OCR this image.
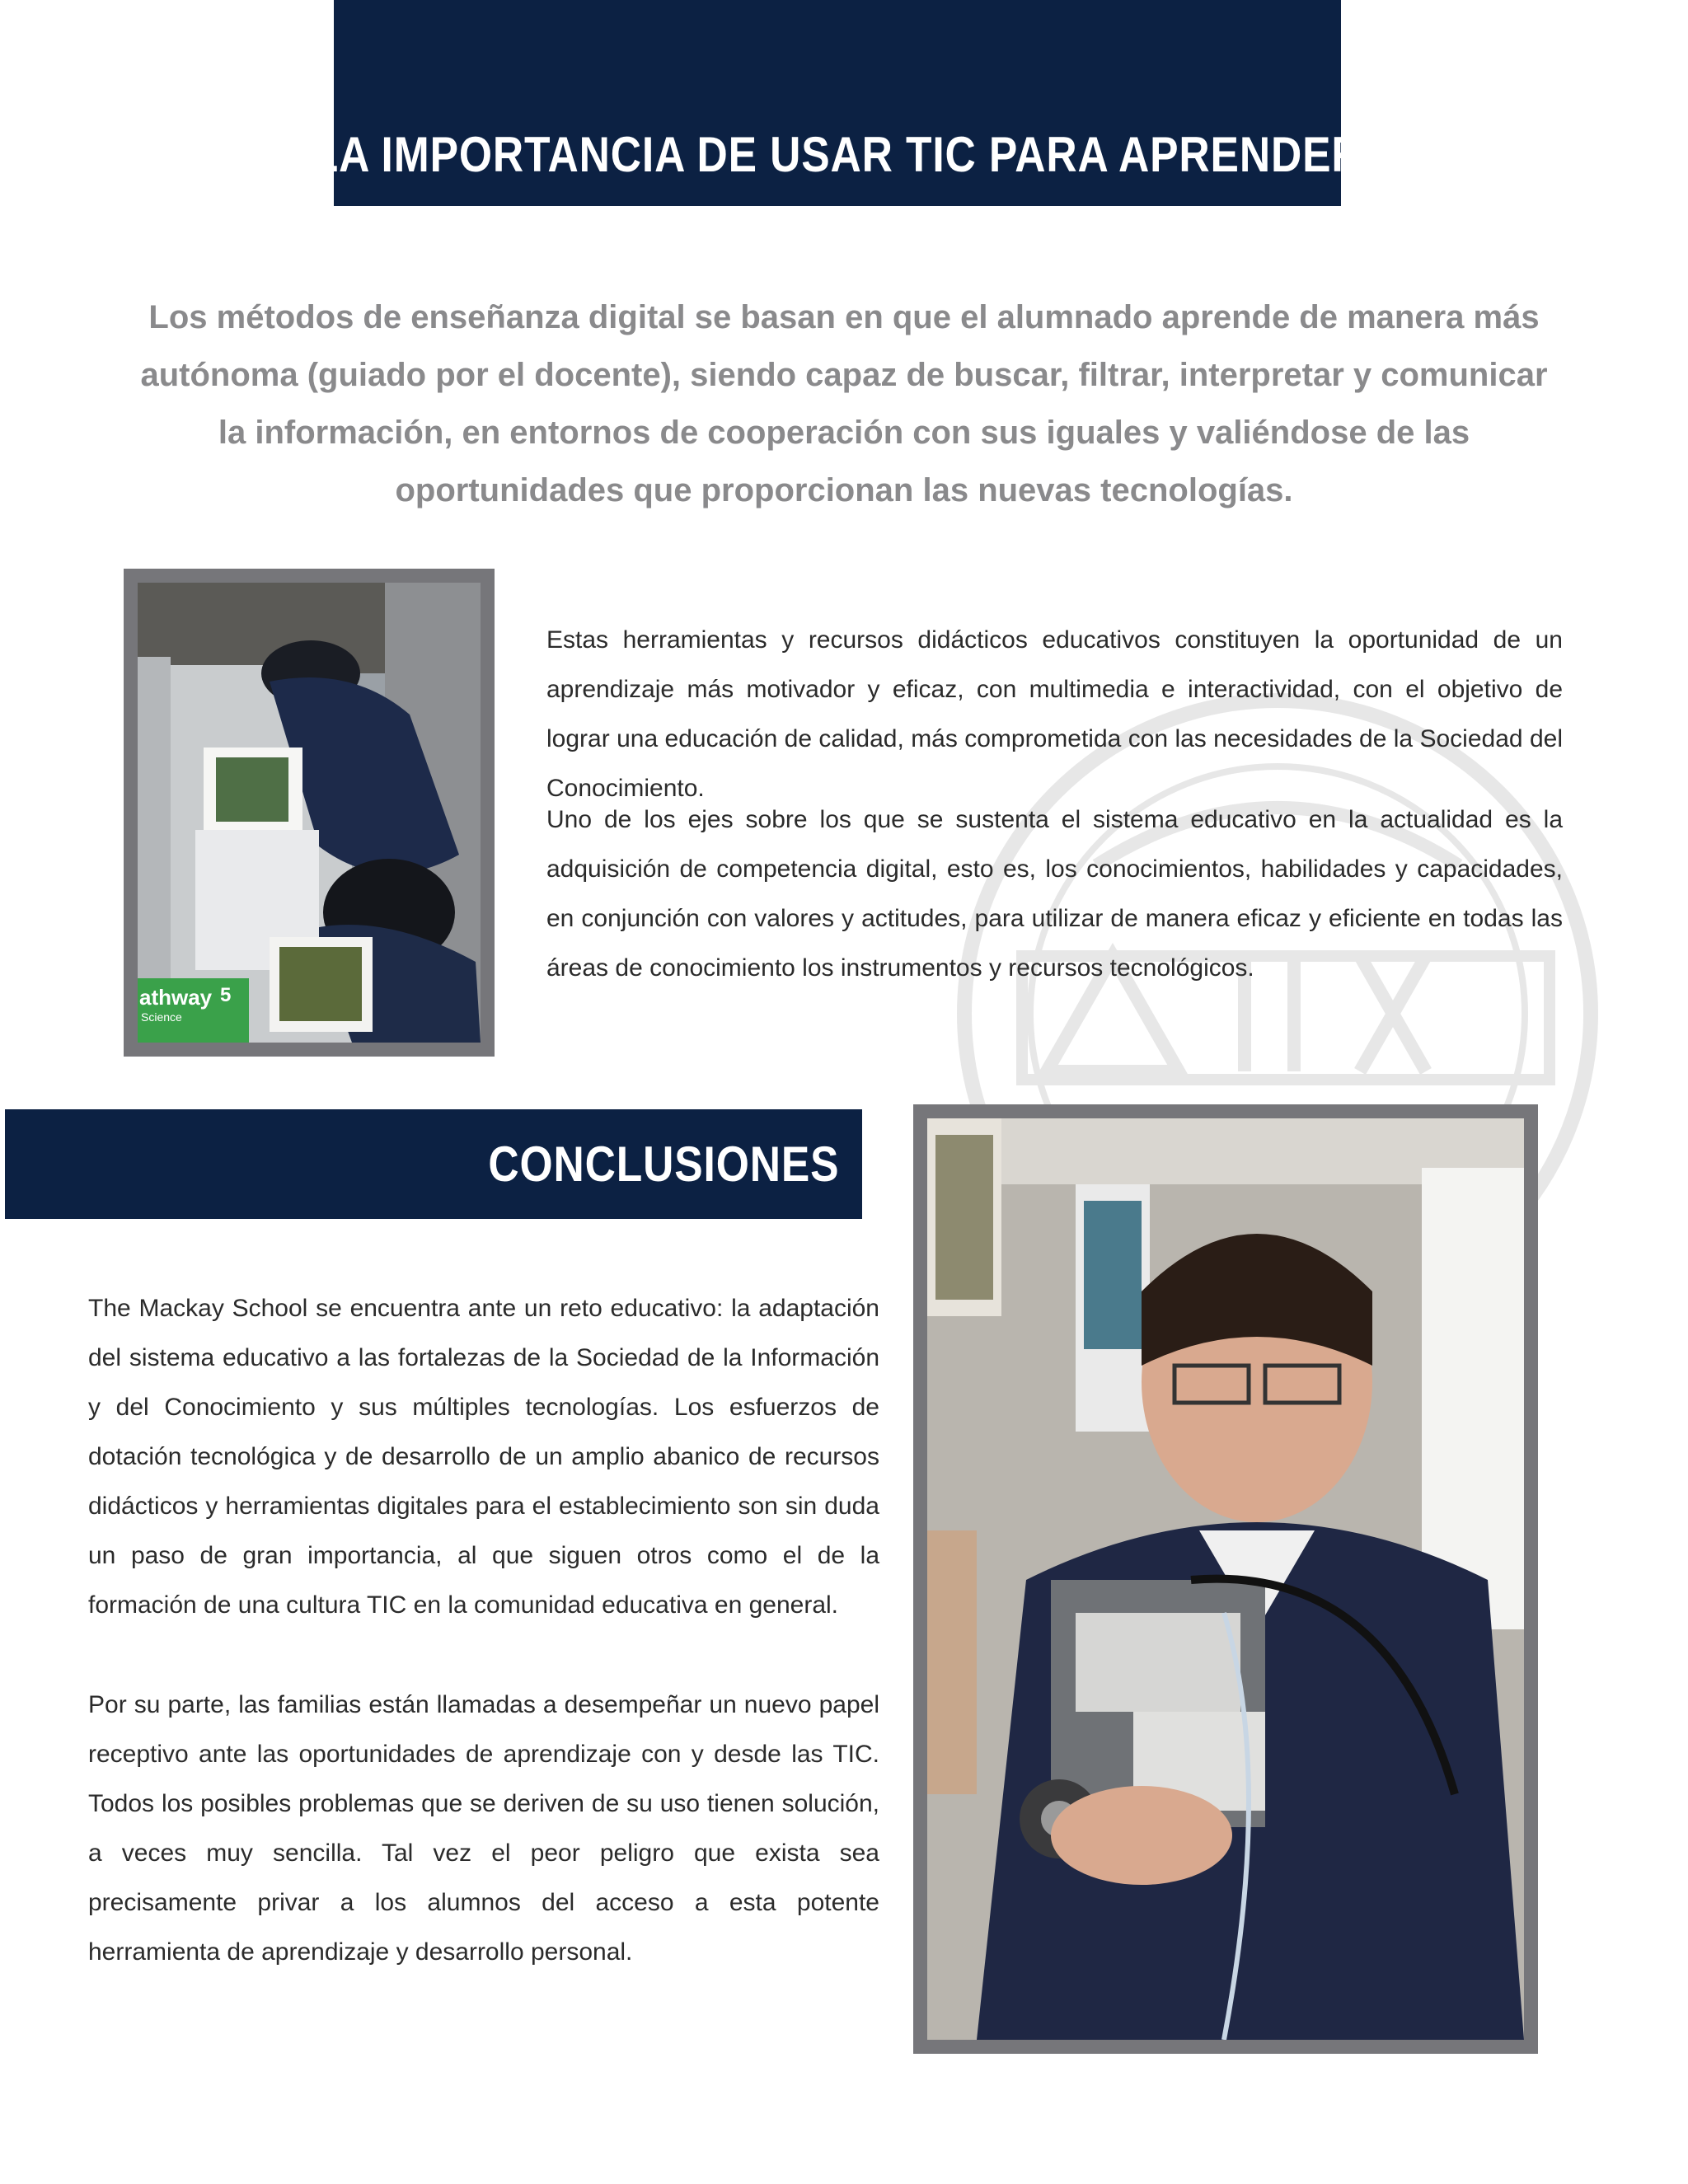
LA IMPORTANCIA DE USAR TIC PARA APRENDER
Los métodos de enseñanza digital se basan en que el alumnado aprende de manera más autónoma (guiado por el docente), siendo capaz de buscar, filtrar, interpretar y comunicar la información, en entornos de cooperación con sus iguales y valiéndose de las oportunidades que proporcionan las nuevas tecnologías.
athway
Science
5

Estas herramientas y recursos didácticos educativos constituyen la oportunidad de un aprendizaje más motivador y eficaz, con multimedia e interactividad, con el objetivo de lograr una educación de calidad, más comprometida con las necesidades de la Sociedad del Conocimiento.

Uno de los ejes sobre los que se sustenta el sistema educativo en la actualidad es la adquisición de competencia digital, esto es, los conocimientos, habilidades y capacidades, en conjunción con valores y actitudes, para utilizar de manera eficaz y eficiente en todas las áreas de conocimiento los instrumentos y recursos tecnológicos.

CONCLUSIONES

The Mackay School se encuentra ante un reto educativo: la adaptación del sistema educativo a las fortalezas de la Sociedad de la Información y del Conocimiento y sus múltiples tecnologías. Los esfuerzos de dotación tecnológica y de desarrollo de un amplio abanico de recursos didácticos y herramientas digitales para el establecimiento son sin duda un paso de gran importancia, al que siguen otros como el de la formación de una cultura TIC en la comunidad educativa en general.

Por su parte, las familias están llamadas a desempeñar un nuevo papel receptivo ante las oportunidades de aprendizaje con y desde las TIC. Todos los posibles problemas que se deriven de su uso tienen solución, a veces muy sencilla. Tal vez el peor peligro que exista sea precisamente privar a los alumnos del acceso a esta potente herramienta de aprendizaje y desarrollo personal.
